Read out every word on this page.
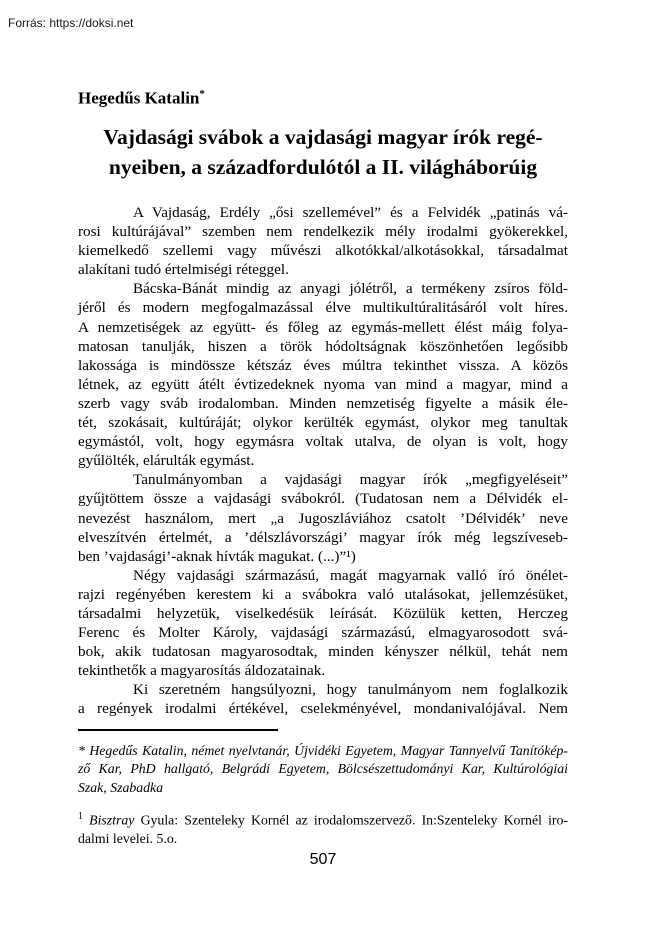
Forrás: https://doksi.net
Hegedűs Katalin*
Vajdasági svábok a vajdasági magyar írók regé-
nyeiben, a századfordulótól a II. világháborúig
A Vajdaság, Erdély „ősi szellemével” és a Felvidék „patinás vá-
rosi kultúrájával” szemben nem rendelkezik mély irodalmi gyökerekkel,
kiemelkedő szellemi vagy művészi alkotókkal/alkotásokkal, társadalmat
alakítani tudó értelmiségi réteggel.
Bácska-Bánát mindig az anyagi jólétről, a termékeny zsíros föld-
jéről és modern megfogalmazással élve multikultúralitásáról volt híres.
A nemzetiségek az együtt- és főleg az egymás-mellett élést máig folya-
matosan tanulják, hiszen a török hódoltságnak köszönhetően legősibb
lakossága is mindössze kétszáz éves múltra tekinthet vissza. A közös
létnek, az együtt átélt évtizedeknek nyoma van mind a magyar, mind a
szerb vagy sváb irodalomban. Minden nemzetiség figyelte a másik éle-
tét, szokásait, kultúráját; olykor kerülték egymást, olykor meg tanultak
egymástól, volt, hogy egymásra voltak utalva, de olyan is volt, hogy
gyűlölték, elárulták egymást.
Tanulmányomban a vajdasági magyar írók „megfigyeléseit”
gyűjtöttem össze a vajdasági svábokról. (Tudatosan nem a Délvidék el-
nevezést használom, mert „a Jugoszláviához csatolt ’Délvidék’ neve
elveszítvén értelmét, a ’délszlávországi’ magyar írók még legszíveseb-
ben ’vajdasági’-aknak hívták magukat. (...)”¹)
Négy vajdasági származású, magát magyarnak valló író önélet-
rajzi regényében kerestem ki a svábokra való utalásokat, jellemzésüket,
társadalmi helyzetük, viselkedésük leírását. Közülük ketten, Herczeg
Ferenc és Molter Károly, vajdasági származású, elmagyarosodott svá-
bok, akik tudatosan magyarosodtak, minden kényszer nélkül, tehát nem
tekinthetők a magyarosítás áldozatainak.
Ki szeretném hangsúlyozni, hogy tanulmányom nem foglalkozik
a regények irodalmi értékével, cselekményével, mondanivalójával. Nem
* Hegedűs Katalin, német nyelvtanár, Újvidéki Egyetem, Magyar Tannyelvű Tanítókép-
ző Kar, PhD hallgató, Belgrádi Egyetem, Bölcsészettudományi Kar, Kultúrológiai
Szak, Szabadka
$^1$ Bisztray Gyula: Szenteleky Kornél az irodalomszervező. In:Szenteleky Kornél iro-
dalmi levelei. 5.o.
507
